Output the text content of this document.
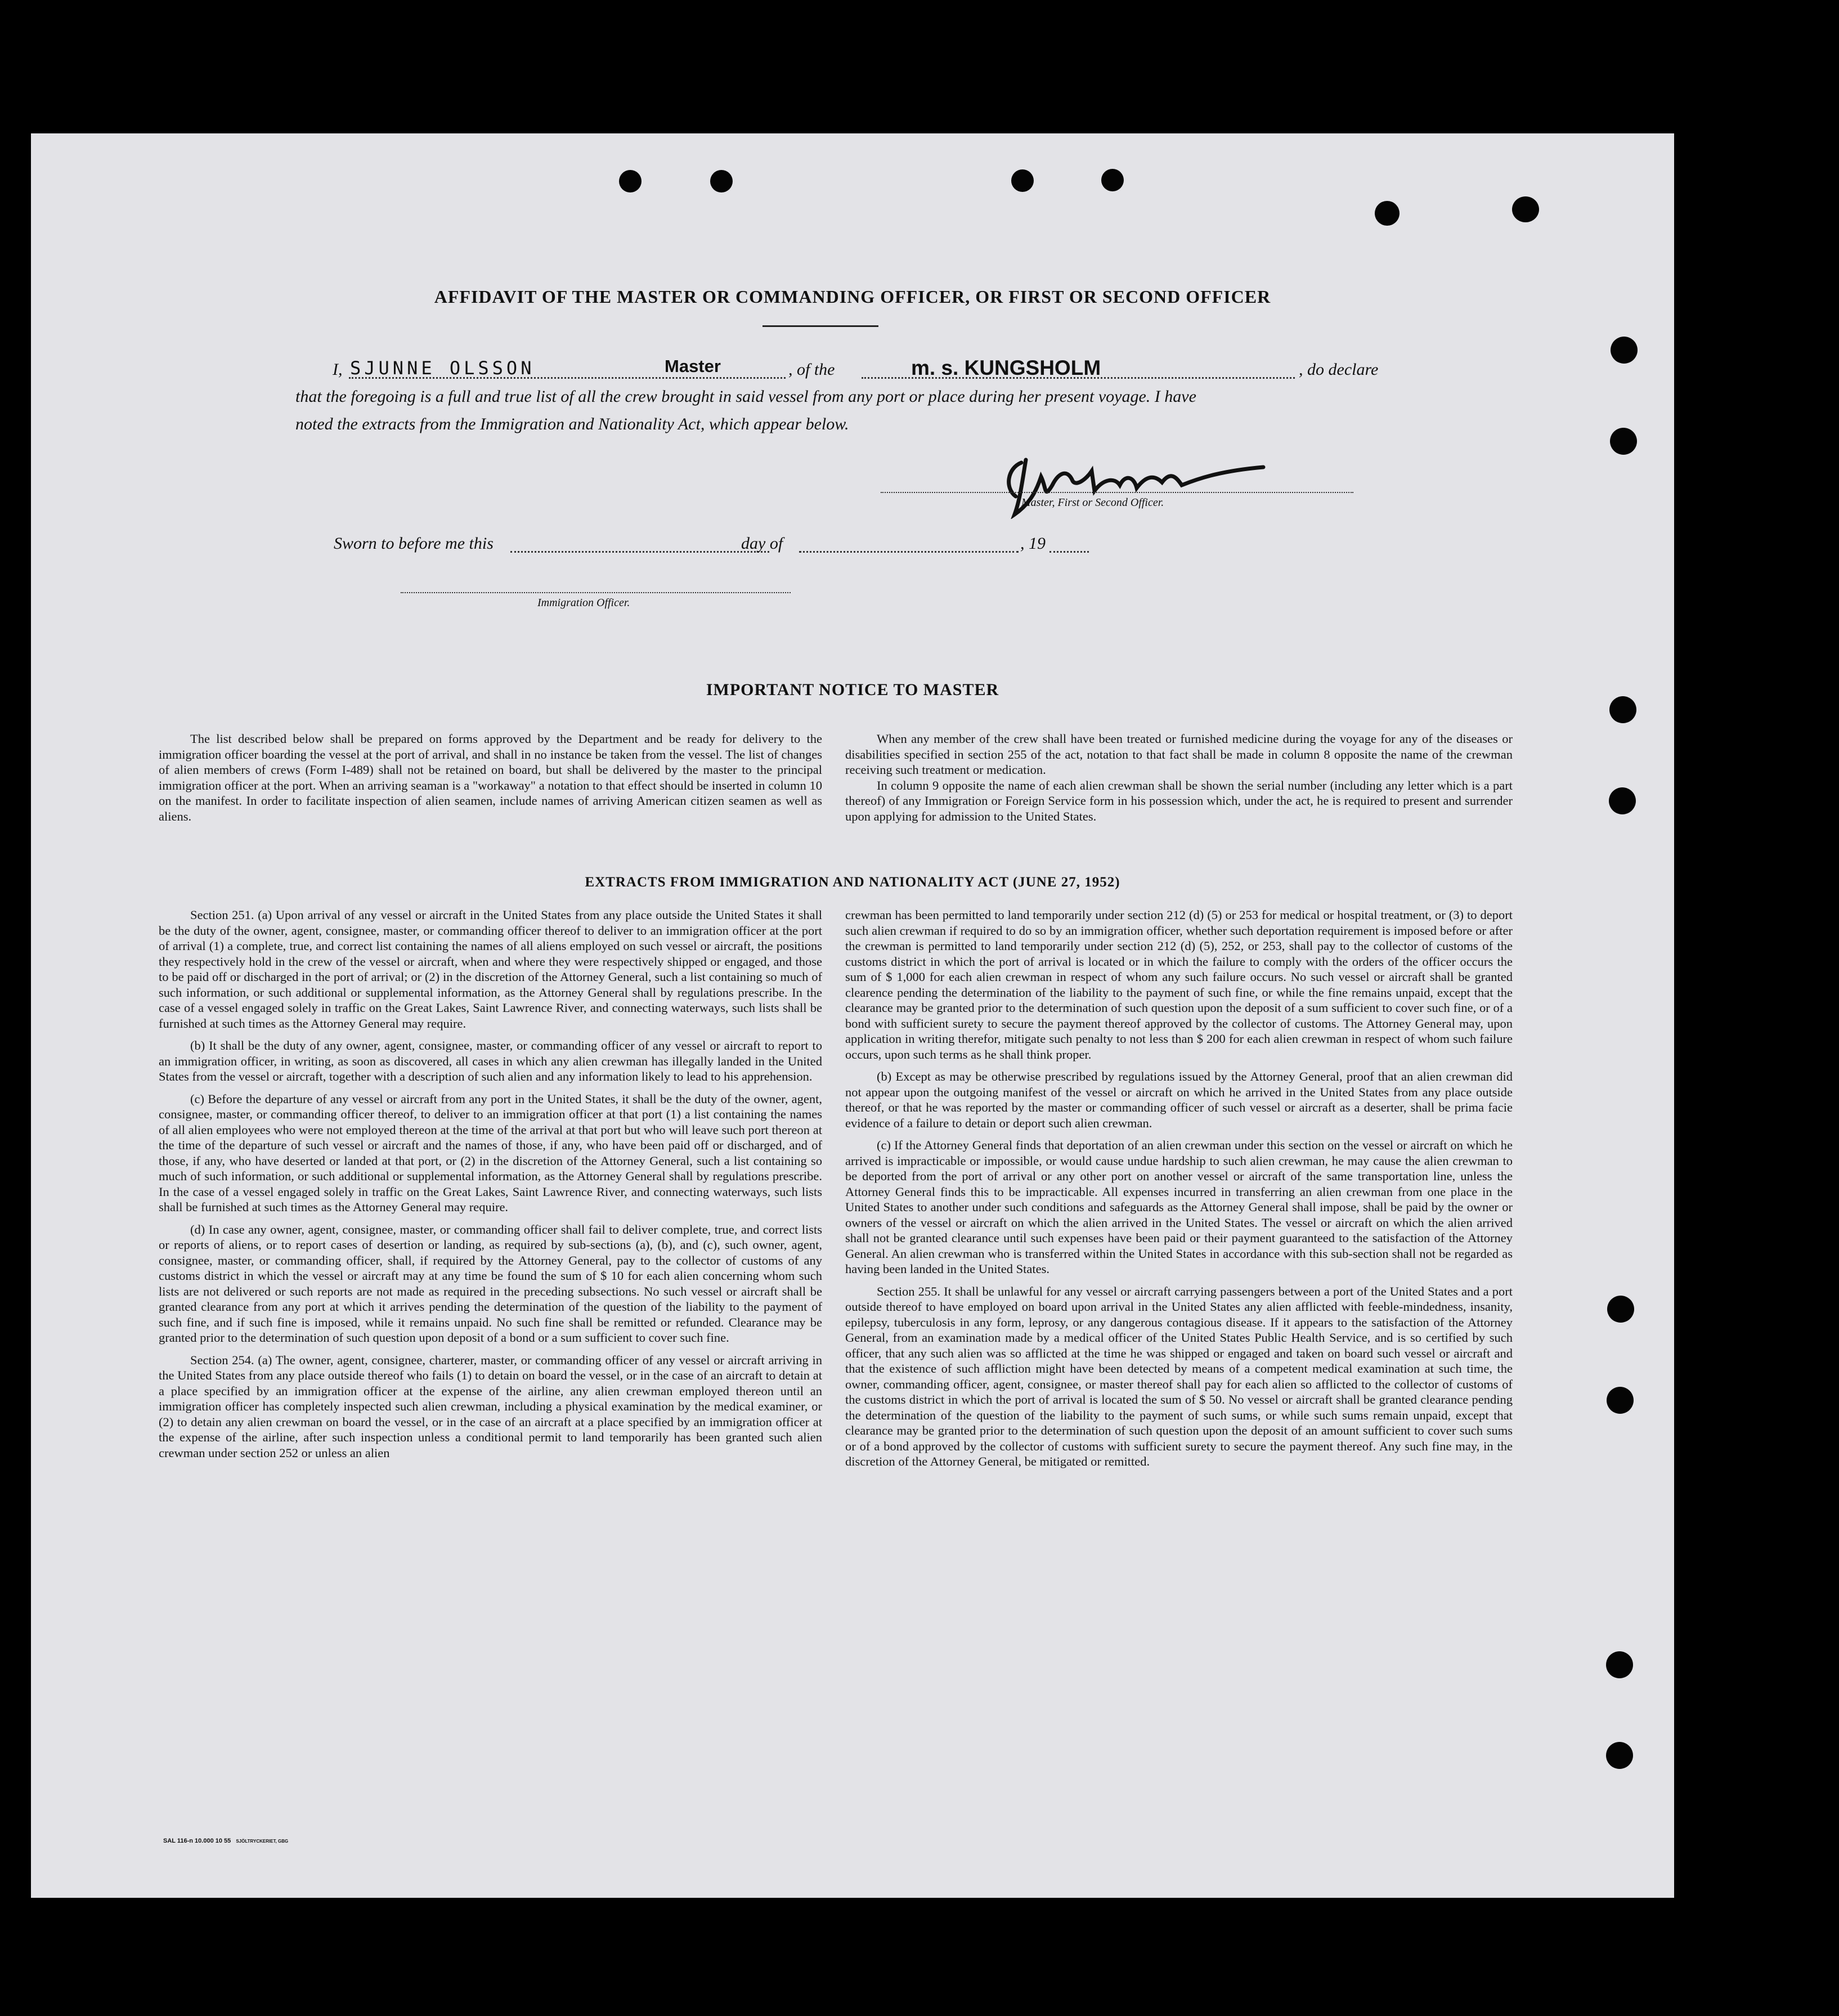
AFFIDAVIT OF THE MASTER OR COMMANDING OFFICER, OR FIRST OR SECOND OFFICER
I, SJUNNE OLSSON	Master	, of the	m. s. KUNGSHOLM	, do declare
that the foregoing is a full and true list of all the crew brought in said vessel from any port or place during her present voyage. I have
noted the extracts from the Immigration and Nationality Act, which appear below.
Master, First or Second Officer.
Sworn to before me this	day of	, 19
Immigration Officer.
IMPORTANT NOTICE TO MASTER

The list described below shall be prepared on forms approved by the Department and be ready for delivery to the immigration officer boarding the vessel at the port of arrival, and shall in no instance be taken from the vessel. The list of changes of alien members of crews (Form I-489) shall not be retained on board, but shall be delivered by the master to the principal immigration officer at the port. When an arriving seaman is a "workaway" a notation to that effect should be inserted in column 10 on the manifest. In order to facilitate inspection of alien seamen, include names of arriving American citizen seamen as well as aliens.

When any member of the crew shall have been treated or furnished medicine during the voyage for any of the diseases or disabilities specified in section 255 of the act, notation to that fact shall be made in column 8 opposite the name of the crewman receiving such treatment or medication.

In column 9 opposite the name of each alien crewman shall be shown the serial number (including any letter which is a part thereof) of any Immigration or Foreign Service form in his possession which, under the act, he is required to present and surrender upon applying for admission to the United States.

EXTRACTS FROM IMMIGRATION AND NATIONALITY ACT (JUNE 27, 1952)

Section 251. (a) Upon arrival of any vessel or aircraft in the United States from any place outside the United States it shall be the duty of the owner, agent, consignee, master, or commanding officer thereof to deliver to an immigration officer at the port of arrival (1) a complete, true, and correct list containing the names of all aliens employed on such vessel or aircraft, the positions they respectively hold in the crew of the vessel or aircraft, when and where they were respectively shipped or engaged, and those to be paid off or discharged in the port of arrival; or (2) in the discretion of the Attorney General, such a list containing so much of such information, or such additional or supplemental information, as the Attorney General shall by regulations prescribe. In the case of a vessel engaged solely in traffic on the Great Lakes, Saint Lawrence River, and connecting waterways, such lists shall be furnished at such times as the Attorney General may require.

(b) It shall be the duty of any owner, agent, consignee, master, or commanding officer of any vessel or aircraft to report to an immigration officer, in writing, as soon as discovered, all cases in which any alien crewman has illegally landed in the United States from the vessel or aircraft, together with a description of such alien and any information likely to lead to his apprehension.

(c) Before the departure of any vessel or aircraft from any port in the United States, it shall be the duty of the owner, agent, consignee, master, or commanding officer thereof, to deliver to an immigration officer at that port (1) a list containing the names of all alien employees who were not employed thereon at the time of the arrival at that port but who will leave such port thereon at the time of the departure of such vessel or aircraft and the names of those, if any, who have been paid off or discharged, and of those, if any, who have deserted or landed at that port, or (2) in the discretion of the Attorney General, such a list containing so much of such information, or such additional or supplemental information, as the Attorney General shall by regulations prescribe. In the case of a vessel engaged solely in traffic on the Great Lakes, Saint Lawrence River, and connecting waterways, such lists shall be furnished at such times as the Attorney General may require.

(d) In case any owner, agent, consignee, master, or commanding officer shall fail to deliver complete, true, and correct lists or reports of aliens, or to report cases of desertion or landing, as required by sub-sections (a), (b), and (c), such owner, agent, consignee, master, or commanding officer, shall, if required by the Attorney General, pay to the collector of customs of any customs district in which the vessel or aircraft may at any time be found the sum of $ 10 for each alien concerning whom such lists are not delivered or such reports are not made as required in the preceding subsections. No such vessel or aircraft shall be granted clearance from any port at which it arrives pending the determination of the question of the liability to the payment of such fine, and if such fine is imposed, while it remains unpaid. No such fine shall be remitted or refunded. Clearance may be granted prior to the determination of such question upon deposit of a bond or a sum sufficient to cover such fine.

Section 254. (a) The owner, agent, consignee, charterer, master, or commanding officer of any vessel or aircraft arriving in the United States from any place outside thereof who fails (1) to detain on board the vessel, or in the case of an aircraft to detain at a place specified by an immigration officer at the expense of the airline, any alien crewman employed thereon until an immigration officer has completely inspected such alien crewman, including a physical examination by the medical examiner, or (2) to detain any alien crewman on board the vessel, or in the case of an aircraft at a place specified by an immigration officer at the expense of the airline, after such inspection unless a conditional permit to land temporarily has been granted such alien crewman under section 252 or unless an alien

crewman has been permitted to land temporarily under section 212 (d) (5) or 253 for medical or hospital treatment, or (3) to deport such alien crewman if required to do so by an immigration officer, whether such deportation requirement is imposed before or after the crewman is permitted to land temporarily under section 212 (d) (5), 252, or 253, shall pay to the collector of customs of the customs district in which the port of arrival is located or in which the failure to comply with the orders of the officer occurs the sum of $ 1,000 for each alien crewman in respect of whom any such failure occurs. No such vessel or aircraft shall be granted clearence pending the determination of the liability to the payment of such fine, or while the fine remains unpaid, except that the clearance may be granted prior to the determination of such question upon the deposit of a sum sufficient to cover such fine, or of a bond with sufficient surety to secure the payment thereof approved by the collector of customs. The Attorney General may, upon application in writing therefor, mitigate such penalty to not less than $ 200 for each alien crewman in respect of whom such failure occurs, upon such terms as he shall think proper.

(b) Except as may be otherwise prescribed by regulations issued by the Attorney General, proof that an alien crewman did not appear upon the outgoing manifest of the vessel or aircraft on which he arrived in the United States from any place outside thereof, or that he was reported by the master or commanding officer of such vessel or aircraft as a deserter, shall be prima facie evidence of a failure to detain or deport such alien crewman.

(c) If the Attorney General finds that deportation of an alien crewman under this section on the vessel or aircraft on which he arrived is impracticable or impossible, or would cause undue hardship to such alien crewman, he may cause the alien crewman to be deported from the port of arrival or any other port on another vessel or aircraft of the same transportation line, unless the Attorney General finds this to be impracticable. All expenses incurred in transferring an alien crewman from one place in the United States to another under such conditions and safeguards as the Attorney General shall impose, shall be paid by the owner or owners of the vessel or aircraft on which the alien arrived in the United States. The vessel or aircraft on which the alien arrived shall not be granted clearance until such expenses have been paid or their payment guaranteed to the satisfaction of the Attorney General. An alien crewman who is transferred within the United States in accordance with this sub-section shall not be regarded as having been landed in the United States.

Section 255. It shall be unlawful for any vessel or aircraft carrying passengers between a port of the United States and a port outside thereof to have employed on board upon arrival in the United States any alien afflicted with feeble-mindedness, insanity, epilepsy, tuberculosis in any form, leprosy, or any dangerous contagious disease. If it appears to the satisfaction of the Attorney General, from an examination made by a medical officer of the United States Public Health Service, and is so certified by such officer, that any such alien was so afflicted at the time he was shipped or engaged and taken on board such vessel or aircraft and that the existence of such affliction might have been detected by means of a competent medical examination at such time, the owner, commanding officer, agent, consignee, or master thereof shall pay for each alien so afflicted to the collector of customs of the customs district in which the port of arrival is located the sum of $ 50. No vessel or aircraft shall be granted clearance pending the determination of the question of the liability to the payment of such sums, or while such sums remain unpaid, except that clearance may be granted prior to the determination of such question upon the deposit of an amount sufficient to cover such sums or of a bond approved by the collector of customs with sufficient surety to secure the payment thereof. Any such fine may, in the discretion of the Attorney General, be mitigated or remitted.

SAL 116-n 10.000 10 55 SJÖLTRYCKERIET, GBG
